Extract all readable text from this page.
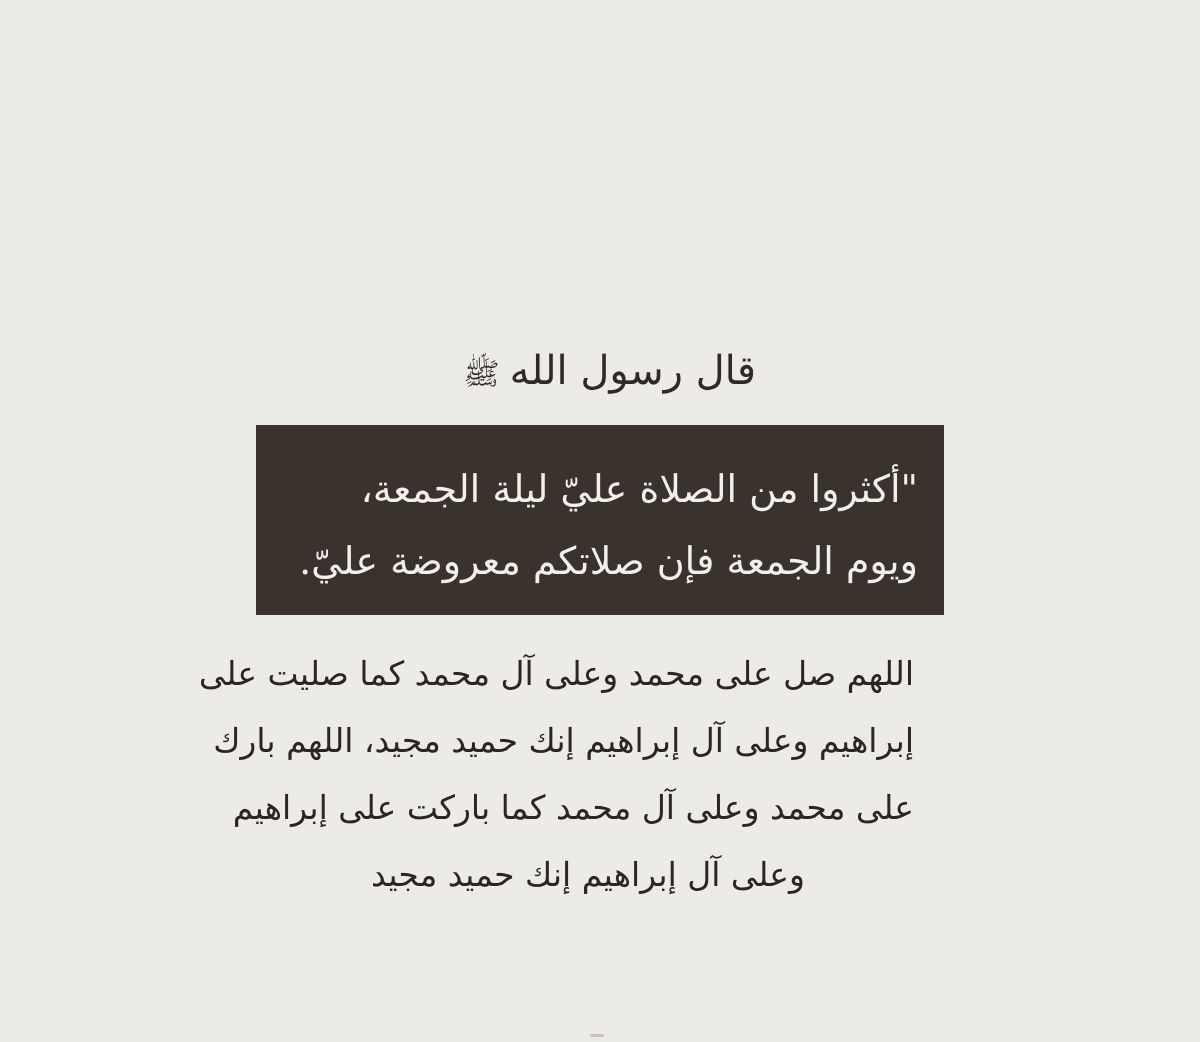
قال رسول الله
ﷺ
"أكثروا من الصلاة عليّ ليلة الجمعة،
ويوم الجمعة فإن صلاتكم معروضة عليّ.
اللهم صل على محمد وعلى آل محمد كما صليت على
إبراهيم وعلى آل إبراهيم إنك حميد مجيد، اللهم بارك
على محمد وعلى آل محمد كما باركت على إبراهيم
وعلى آل إبراهيم إنك حميد مجيد
